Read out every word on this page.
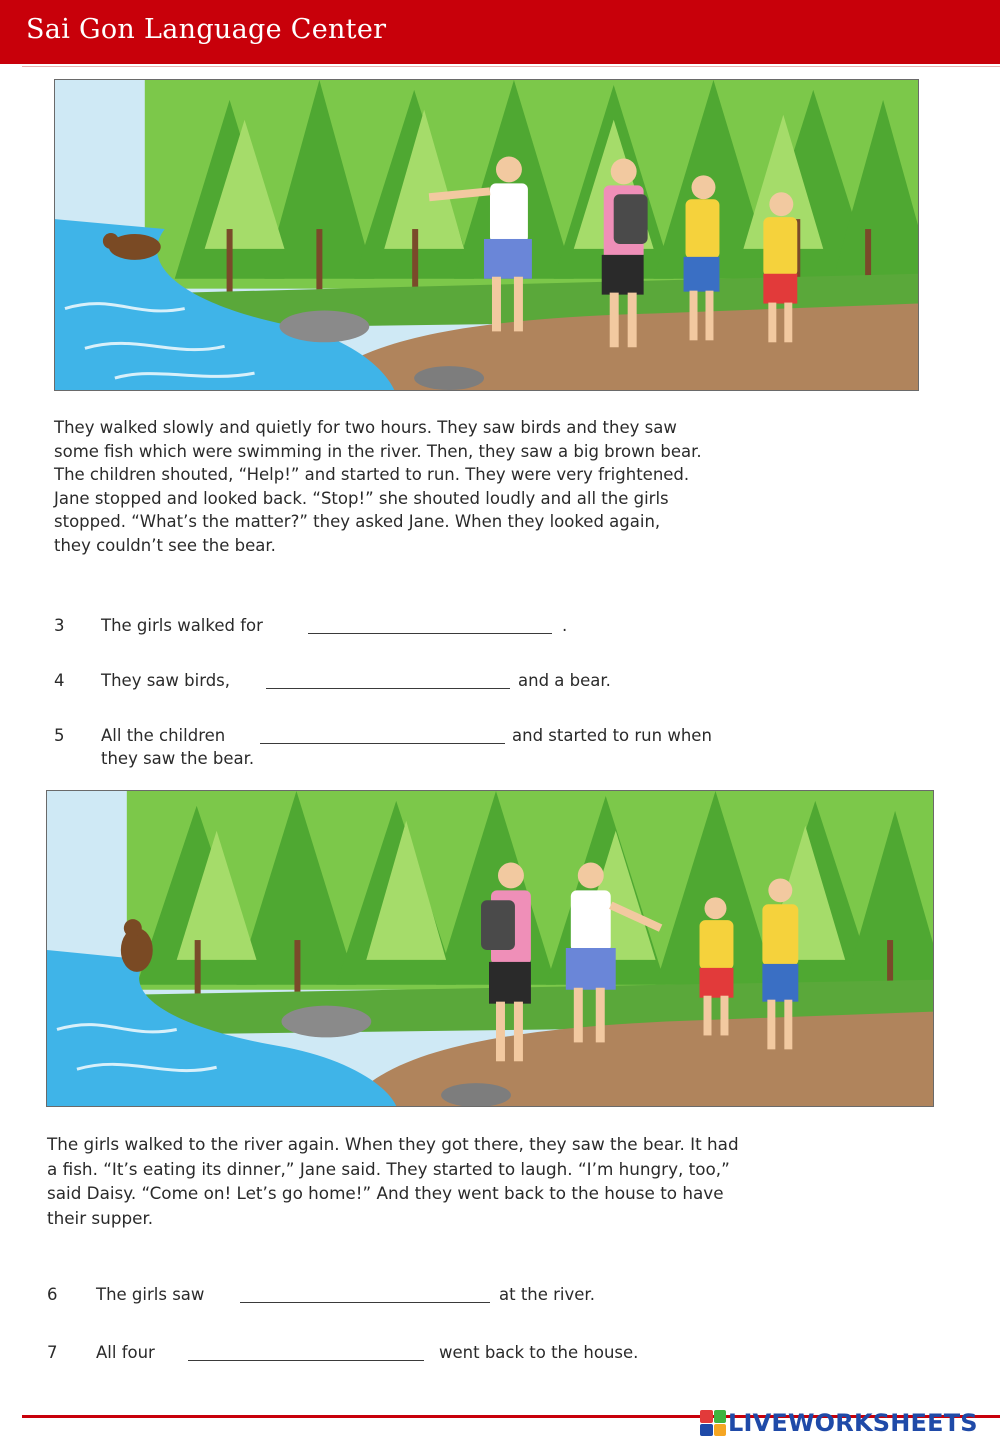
Sai Gon Language Center
They walked slowly and quietly for two hours. They saw birds and they saw
some fish which were swimming in the river. Then, they saw a big brown bear.
The children shouted, “Help!” and started to run. They were very frightened.
Jane stopped and looked back. “Stop!” she shouted loudly and all the girls
stopped. “What’s the matter?” they asked Jane. When they looked again,
they couldn’t see the bear.
3 The girls walked for	.
4 They saw birds,	and a bear.
5 All the children	and started to run when
they saw the bear.
The girls walked to the river again. When they got there, they saw the bear. It had
a fish. “It’s eating its dinner,” Jane said. They started to laugh. “I’m hungry, too,”
said Daisy. “Come on! Let’s go home!” And they went back to the house to have
their supper.
6 The girls saw	at the river.
7 All four	went back to the house.
LIVEWORKSHEETS
